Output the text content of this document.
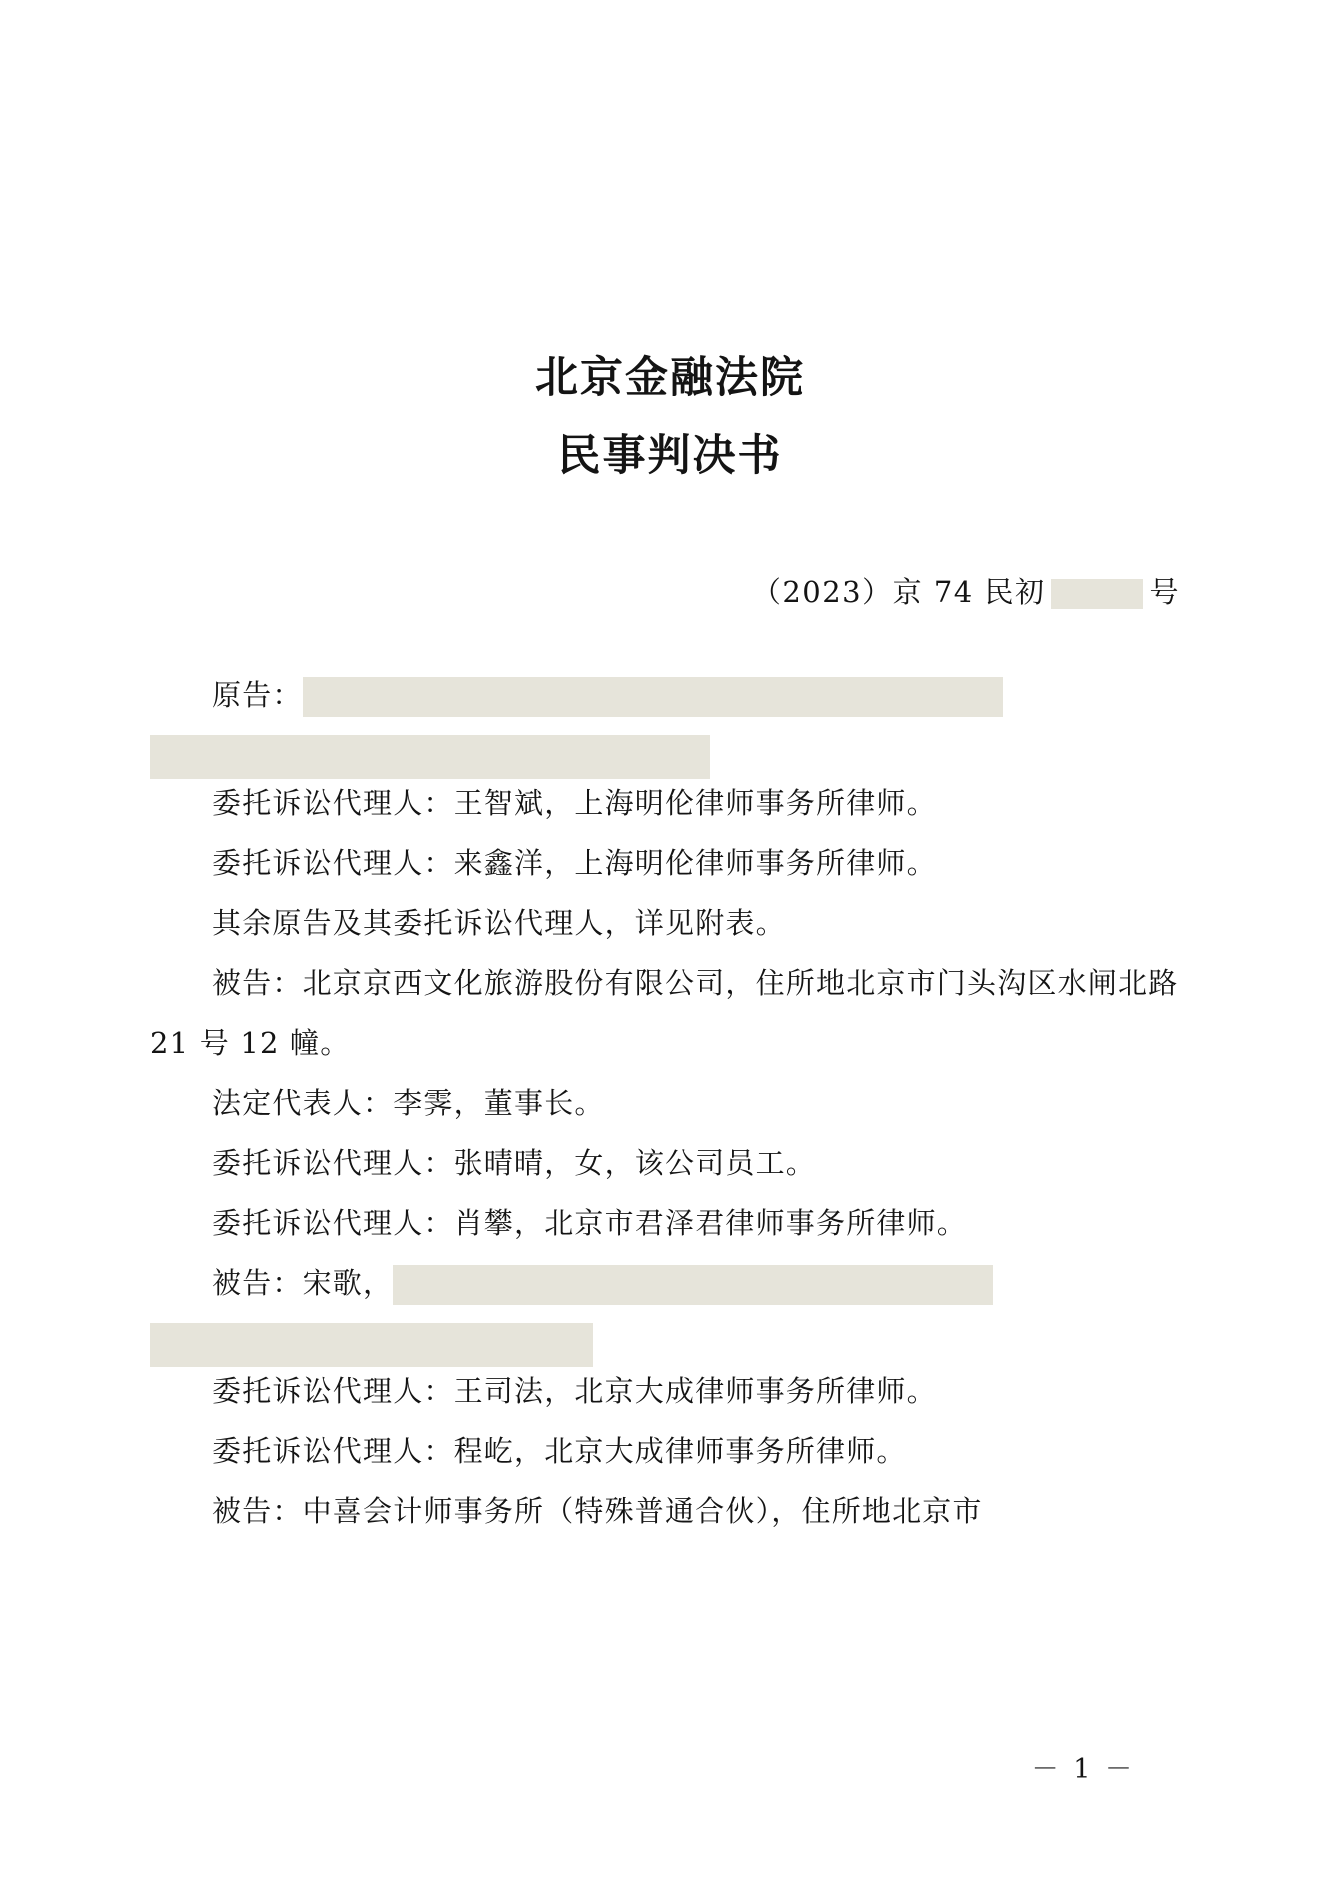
北京金融法院
民事判决书
（2023）京 74 民初	号

原告：

委托诉讼代理人：王智斌，上海明伦律师事务所律师。

委托诉讼代理人：来鑫洋，上海明伦律师事务所律师。

其余原告及其委托诉讼代理人，详见附表。

被告：北京京西文化旅游股份有限公司，住所地北京市门头沟区水闸北路 21 号 12 幢。

法定代表人：李霁，董事长。

委托诉讼代理人：张晴晴，女，该公司员工。

委托诉讼代理人：肖攀，北京市君泽君律师事务所律师。

被告：宋歌，

委托诉讼代理人：王司法，北京大成律师事务所律师。

委托诉讼代理人：程屹，北京大成律师事务所律师。

被告：中喜会计师事务所（特殊普通合伙），住所地北京市

－ 1 －
